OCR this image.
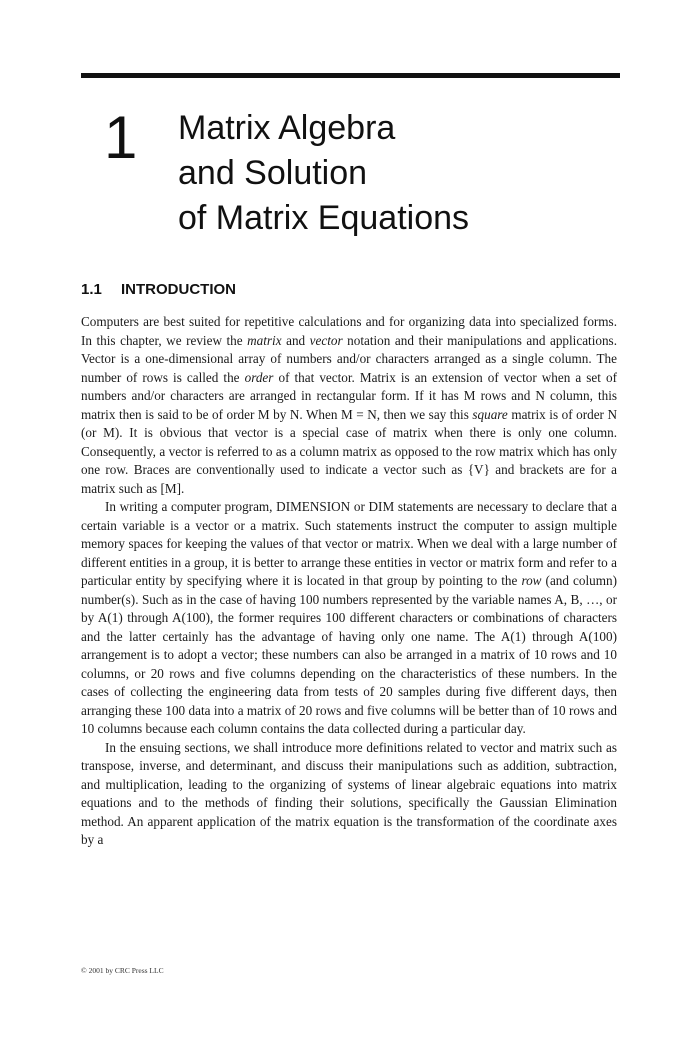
1 Matrix Algebra
and Solution
of Matrix Equations
1.1 INTRODUCTION

Computers are best suited for repetitive calculations and for organizing data into specialized forms. In this chapter, we review the matrix and vector notation and their manipulations and applications. Vector is a one-dimensional array of numbers and/or characters arranged as a single column. The number of rows is called the order of that vector. Matrix is an extension of vector when a set of numbers and/or characters are arranged in rectangular form. If it has M rows and N column, this matrix then is said to be of order M by N. When M = N, then we say this square matrix is of order N (or M). It is obvious that vector is a special case of matrix when there is only one column. Consequently, a vector is referred to as a column matrix as opposed to the row matrix which has only one row. Braces are conventionally used to indicate a vector such as {V} and brackets are for a matrix such as [M].

In writing a computer program, DIMENSION or DIM statements are necessary to declare that a certain variable is a vector or a matrix. Such statements instruct the computer to assign multiple memory spaces for keeping the values of that vector or matrix. When we deal with a large number of different entities in a group, it is better to arrange these entities in vector or matrix form and refer to a particular entity by specifying where it is located in that group by pointing to the row (and column) number(s). Such as in the case of having 100 numbers represented by the variable names A, B, …, or by A(1) through A(100), the former requires 100 different characters or combinations of characters and the latter certainly has the advantage of having only one name. The A(1) through A(100) arrangement is to adopt a vector; these numbers can also be arranged in a matrix of 10 rows and 10 columns, or 20 rows and five columns depending on the characteristics of these numbers. In the cases of collecting the engineering data from tests of 20 samples during five different days, then arranging these 100 data into a matrix of 20 rows and five columns will be better than of 10 rows and 10 columns because each column contains the data collected during a particular day.

In the ensuing sections, we shall introduce more definitions related to vector and matrix such as transpose, inverse, and determinant, and discuss their manipulations such as addition, subtraction, and multiplication, leading to the organizing of systems of linear algebraic equations into matrix equations and to the methods of finding their solutions, specifically the Gaussian Elimination method. An apparent application of the matrix equation is the transformation of the coordinate axes by a

© 2001 by CRC Press LLC
